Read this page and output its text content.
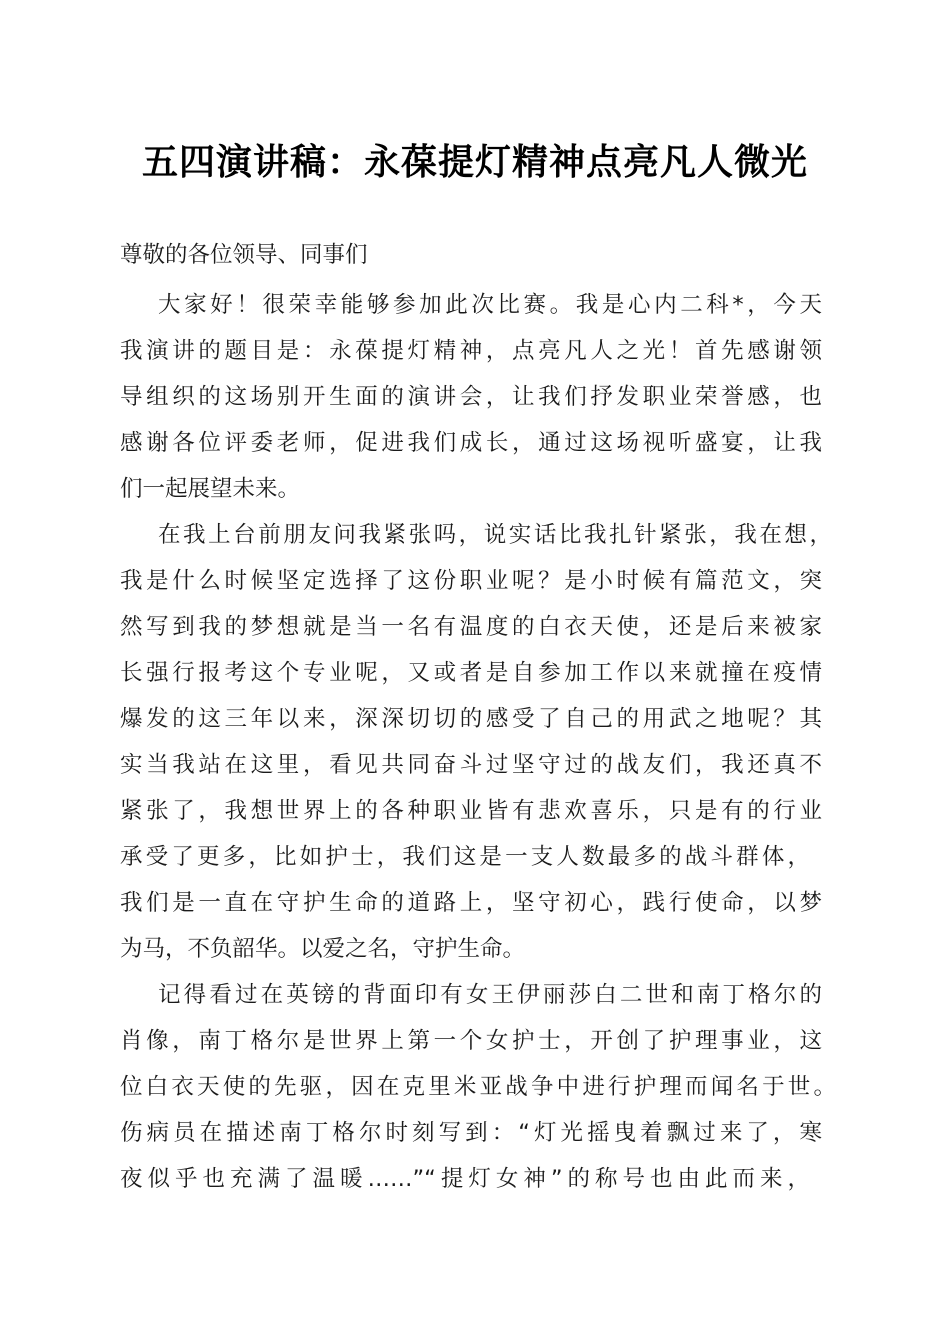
五四演讲稿：永葆提灯精神点亮凡人微光
尊敬的各位领导、同事们
大家好！很荣幸能够参加此次比赛。我是心内二科*，今天
我演讲的题目是：永葆提灯精神，点亮凡人之光！首先感谢领
导组织的这场别开生面的演讲会，让我们抒发职业荣誉感，也
感谢各位评委老师，促进我们成长，通过这场视听盛宴，让我
们一起展望未来。
在我上台前朋友问我紧张吗，说实话比我扎针紧张，我在想，
我是什么时候坚定选择了这份职业呢？是小时候有篇范文，突
然写到我的梦想就是当一名有温度的白衣天使，还是后来被家
长强行报考这个专业呢，又或者是自参加工作以来就撞在疫情
爆发的这三年以来，深深切切的感受了自己的用武之地呢？其
实当我站在这里，看见共同奋斗过坚守过的战友们，我还真不
紧张了，我想世界上的各种职业皆有悲欢喜乐，只是有的行业
承受了更多，比如护士，我们这是一支人数最多的战斗群体，
我们是一直在守护生命的道路上，坚守初心，践行使命，以梦
为马，不负韶华。以爱之名，守护生命。
记得看过在英镑的背面印有女王伊丽莎白二世和南丁格尔的
肖像，南丁格尔是世界上第一个女护士，开创了护理事业，这
位白衣天使的先驱，因在克里米亚战争中进行护理而闻名于世。
伤病员在描述南丁格尔时刻写到：“灯光摇曳着飘过来了，寒
夜似乎也充满了温暖……”“提灯女神”的称号也由此而来，
